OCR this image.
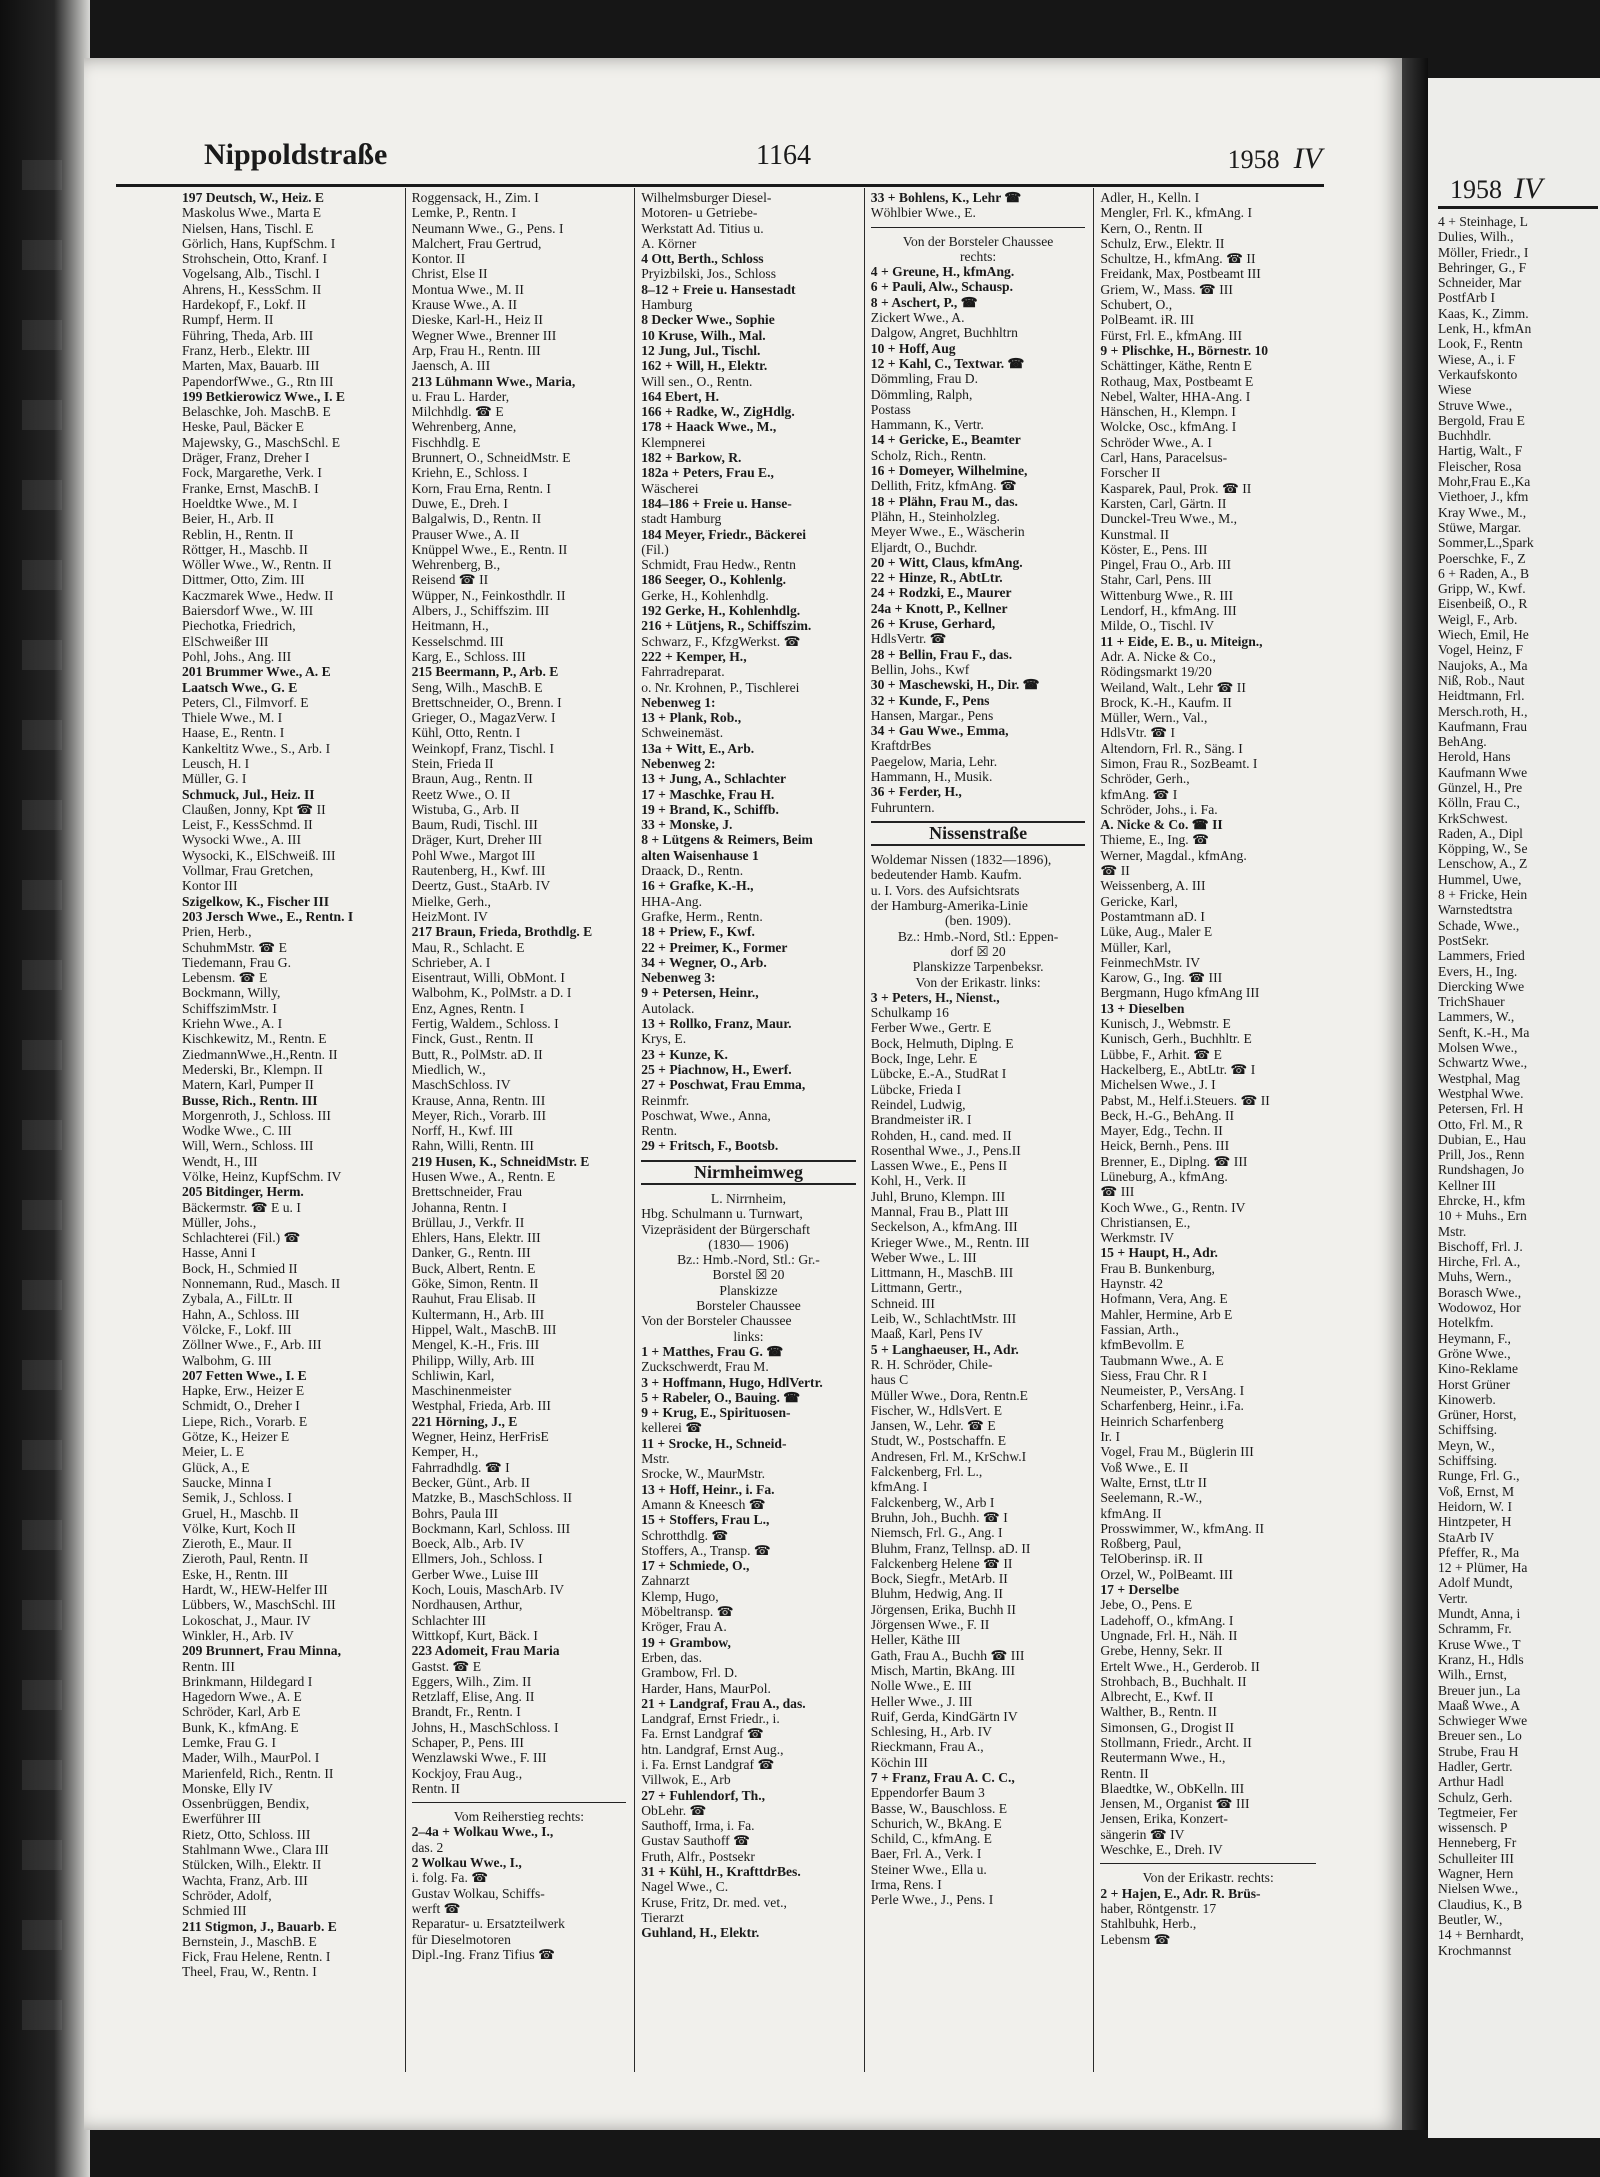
1958 IV
4 + Steinhage, L
Dulies, Wilh.,
Möller, Friedr., I
Behringer, G., F
Schneider, Mar
PostfArb I
Kaas, K., Zimm.
Lenk, H., kfmAn
Look, F., Rentn
Wiese, A., i. F
Verkaufskonto
Wiese
Struve Wwe.,
Bergold, Frau E
Buchhdlr.
Hartig, Walt., F
Fleischer, Rosa
Mohr,Frau E.,Ka
Viethoer, J., kfm
Kray Wwe., M.,
Stüwe, Margar.
Sommer,L.,Spark
Poerschke, F., Z
6 + Raden, A., B
Gripp, W., Kwf.
Eisenbeiß, O., R
Weigl, F., Arb.
Wiech, Emil, He
Vogel, Heinz, F
Naujoks, A., Ma
Niß, Rob., Naut
Heidtmann, Frl.
Mersch.roth, H.,
Kaufmann, Frau
BehAng.
Herold, Hans
Kaufmann Wwe
Günzel, H., Pre
Kölln, Frau C.,
KrkSchwest.
Raden, A., Dipl
Köpping, W., Se
Lenschow, A., Z
Hummel, Uwe,
8 + Fricke, Hein
Warnstedtstra
Schade, Wwe.,
PostSekr.
Lammers, Fried
Evers, H., Ing.
Diercking Wwe
TrichShauer
Lammers, W.,
Senft, K.-H., Ma
Molsen Wwe.,
Schwartz Wwe.,
Westphal, Mag
Westphal Wwe.
Petersen, Frl. H
Otto, Frl. M., R
Dubian, E., Hau
Prill, Jos., Renn
Rundshagen, Jo
Kellner III
Ehrcke, H., kfm
10 + Muhs., Ern
Mstr.
Bischoff, Frl. J.
Hirche, Frl. A.,
Muhs, Wern.,
Borasch Wwe.,
Wodowoz, Hor
Hotelkfm.
Heymann, F.,
Gröne Wwe.,
Kino-Reklame
Horst Grüner
Kinowerb.
Grüner, Horst,
Schiffsing.
Meyn, W.,
Schiffsing.
Runge, Frl. G.,
Voß, Ernst, M
Heidorn, W. I
Hintzpeter, H
StaArb IV
Pfeffer, R., Ma
12 + Plümer, Ha
Adolf Mundt,
Vertr.
Mundt, Anna, i
Schramm, Fr.
Kruse Wwe., T
Kranz, H., Hdls
Wilh., Ernst,
Breuer jun., La
Maaß Wwe., A
Schwieger Wwe
Breuer sen., Lo
Strube, Frau H
Hadler, Gertr.
Arthur Hadl
Schulz, Gerh.
Tegtmeier, Fer
wissensch. P
Henneberg, Fr
Schulleiter III
Wagner, Hern
Nielsen Wwe.,
Claudius, K., B
Beutler, W.,
14 + Bernhardt,
Krochmannst
Nippoldstraße	1164	1958 IV
197 Deutsch, W., Heiz. E
Maskolus Wwe., Marta E
Nielsen, Hans, Tischl. E
Görlich, Hans, KupfSchm. I
Strohschein, Otto, Kranf. I
Vogelsang, Alb., Tischl. I
Ahrens, H., KessSchm. II
Hardekopf, F., Lokf. II
Rumpf, Herm. II
Führing, Theda, Arb. III
Franz, Herb., Elektr. III
Marten, Max, Bauarb. III
PapendorfWwe., G., Rtn III
199 Betkierowicz Wwe., I. E
Belaschke, Joh. MaschB. E
Heske, Paul, Bäcker E
Majewsky, G., MaschSchl. E
Dräger, Franz, Dreher I
Fock, Margarethe, Verk. I
Franke, Ernst, MaschB. I
Hoeldtke Wwe., M. I
Beier, H., Arb. II
Reblin, H., Rentn. II
Röttger, H., Maschb. II
Wöller Wwe., W., Rentn. II
Dittmer, Otto, Zim. III
Kaczmarek Wwe., Hedw. II
Baiersdorf Wwe., W. III
Piechotka, Friedrich,
ElSchweißer III
Pohl, Johs., Ang. III
201 Brummer Wwe., A. E
Laatsch Wwe., G. E
Peters, Cl., Filmvorf. E
Thiele Wwe., M. I
Haase, E., Rentn. I
Kankeltitz Wwe., S., Arb. I
Leusch, H. I
Müller, G. I
Schmuck, Jul., Heiz. II
Claußen, Jonny, Kpt ☎ II
Leist, F., KessSchmd. II
Wysocki Wwe., A. III
Wysocki, K., ElSchweiß. III
Vollmar, Frau Gretchen,
Kontor III
Szigelkow, K., Fischer III
203 Jersch Wwe., E., Rentn. I
Prien, Herb.,
SchuhmMstr. ☎ E
Tiedemann, Frau G.
Lebensm. ☎ E
Bockmann, Willy,
SchiffszimMstr. I
Kriehn Wwe., A. I
Kischkewitz, M., Rentn. E
ZiedmannWwe.,H.,Rentn. II
Mederski, Br., Klempn. II
Matern, Karl, Pumper II
Busse, Rich., Rentn. III
Morgenroth, J., Schloss. III
Wodke Wwe., C. III
Will, Wern., Schloss. III
Wendt, H., III
Völke, Heinz, KupfSchm. IV
205 Bitdinger, Herm.
Bäckermstr. ☎ E u. I
Müller, Johs.,
Schlachterei (Fil.) ☎
Hasse, Anni I
Bock, H., Schmied II
Nonnemann, Rud., Masch. II
Zybala, A., FilLtr. II
Hahn, A., Schloss. III
Völcke, F., Lokf. III
Zöllner Wwe., F., Arb. III
Walbohm, G. III
207 Fetten Wwe., I. E
Hapke, Erw., Heizer E
Schmidt, O., Dreher I
Liepe, Rich., Vorarb. E
Götze, K., Heizer E
Meier, L. E
Glück, A., E
Saucke, Minna I
Semik, J., Schloss. I
Gruel, H., Maschb. II
Völke, Kurt, Koch II
Zieroth, E., Maur. II
Zieroth, Paul, Rentn. II
Eske, H., Rentn. III
Hardt, W., HEW-Helfer III
Lübbers, W., MaschSchl. III
Lokoschat, J., Maur. IV
Winkler, H., Arb. IV
209 Brunnert, Frau Minna,
Rentn. III
Brinkmann, Hildegard I
Hagedorn Wwe., A. E
Schröder, Karl, Arb E
Bunk, K., kfmAng. E
Lemke, Frau G. I
Mader, Wilh., MaurPol. I
Marienfeld, Rich., Rentn. II
Monske, Elly IV
Ossenbrüggen, Bendix,
Ewerführer III
Rietz, Otto, Schloss. III
Stahlmann Wwe., Clara III
Stülcken, Wilh., Elektr. II
Wachta, Franz, Arb. III
Schröder, Adolf,
Schmied III
211 Stigmon, J., Bauarb. E
Bernstein, J., MaschB. E
Fick, Frau Helene, Rentn. I
Theel, Frau, W., Rentn. I
Roggensack, H., Zim. I
Lemke, P., Rentn. I
Neumann Wwe., G., Pens. I
Malchert, Frau Gertrud,
Kontor. II
Christ, Else II
Montua Wwe., M. II
Krause Wwe., A. II
Dieske, Karl-H., Heiz II
Wegner Wwe., Brenner III
Arp, Frau H., Rentn. III
Jaensch, A. III
213 Lühmann Wwe., Maria,
u. Frau L. Harder,
Milchhdlg. ☎ E
Wehrenberg, Anne,
Fischhdlg. E
Brunnert, O., SchneidMstr. E
Kriehn, E., Schloss. I
Korn, Frau Erna, Rentn. I
Duwe, E., Dreh. I
Balgalwis, D., Rentn. II
Prauser Wwe., A. II
Knüppel Wwe., E., Rentn. II
Wehrenberg, B.,
Reisend ☎ II
Wüpper, N., Feinkosthdlr. II
Albers, J., Schiffszim. III
Heitmann, H.,
Kesselschmd. III
Karg, E., Schloss. III
215 Beermann, P., Arb. E
Seng, Wilh., MaschB. E
Brettschneider, O., Brenn. I
Grieger, O., MagazVerw. I
Kühl, Otto, Rentn. I
Weinkopf, Franz, Tischl. I
Stein, Frieda II
Braun, Aug., Rentn. II
Reetz Wwe., O. II
Wistuba, G., Arb. II
Baum, Rudi, Tischl. III
Dräger, Kurt, Dreher III
Pohl Wwe., Margot III
Rautenberg, H., Kwf. III
Deertz, Gust., StaArb. IV
Mielke, Gerh.,
HeizMont. IV
217 Braun, Frieda, Brothdlg. E
Mau, R., Schlacht. E
Schrieber, A. I
Eisentraut, Willi, ObMont. I
Walbohm, K., PolMstr. a D. I
Enz, Agnes, Rentn. I
Fertig, Waldem., Schloss. I
Finck, Gust., Rentn. II
Butt, R., PolMstr. aD. II
Miedlich, W.,
MaschSchloss. IV
Krause, Anna, Rentn. III
Meyer, Rich., Vorarb. III
Norff, H., Kwf. III
Rahn, Willi, Rentn. III
219 Husen, K., SchneidMstr. E
Husen Wwe., A., Rentn. E
Brettschneider, Frau
Johanna, Rentn. I
Brüllau, J., Verkfr. II
Ehlers, Hans, Elektr. III
Danker, G., Rentn. III
Buck, Albert, Rentn. E
Göke, Simon, Rentn. II
Rauhut, Frau Elisab. II
Kultermann, H., Arb. III
Hippel, Walt., MaschB. III
Mengel, K.-H., Fris. III
Philipp, Willy, Arb. III
Schliwin, Karl,
Maschinenmeister
Westphal, Frieda, Arb. III
221 Hörning, J., E
Wegner, Heinz, HerFrisE
Kemper, H.,
Fahrradhdlg. ☎ I
Becker, Günt., Arb. II
Matzke, B., MaschSchloss. II
Bohrs, Paula III
Bockmann, Karl, Schloss. III
Boeck, Alb., Arb. IV
Ellmers, Joh., Schloss. I
Gerber Wwe., Luise III
Koch, Louis, MaschArb. IV
Nordhausen, Arthur,
Schlachter III
Wittkopf, Kurt, Bäck. I
223 Adomeit, Frau Maria
Gastst. ☎ E
Eggers, Wilh., Zim. II
Retzlaff, Elise, Ang. II
Brandt, Fr., Rentn. I
Johns, H., MaschSchloss. I
Schaper, P., Pens. III
Wenzlawski Wwe., F. III
Kockjoy, Frau Aug.,
Rentn. II
Vom Reiherstieg rechts:
2–4a + Wolkau Wwe., I.,
das. 2
2 Wolkau Wwe., I.,
i. folg. Fa. ☎
Gustav Wolkau, Schiffs-
werft ☎
Reparatur- u. Ersatzteilwerk
für Dieselmotoren
Dipl.-Ing. Franz Tifius ☎
Wilhelmsburger Diesel-
Motoren- u Getriebe-
Werkstatt Ad. Titius u.
A. Körner
4 Ott, Berth., Schloss
Pryizbilski, Jos., Schloss
8–12 + Freie u. Hansestadt
Hamburg
8 Decker Wwe., Sophie
10 Kruse, Wilh., Mal.
12 Jung, Jul., Tischl.
162 + Will, H., Elektr.
Will sen., O., Rentn.
164 Ebert, H.
166 + Radke, W., ZigHdlg.
178 + Haack Wwe., M.,
Klempnerei
182 + Barkow, R.
182a + Peters, Frau E.,
Wäscherei
184–186 + Freie u. Hanse-
stadt Hamburg
184 Meyer, Friedr., Bäckerei
(Fil.)
Schmidt, Frau Hedw., Rentn
186 Seeger, O., Kohlenlg.
Gerke, H., Kohlenhdlg.
192 Gerke, H., Kohlenhdlg.
216 + Lütjens, R., Schiffszim.
Schwarz, F., KfzgWerkst. ☎
222 + Kemper, H.,
Fahrradreparat.
o. Nr. Krohnen, P., Tischlerei
Nebenweg 1:
13 + Plank, Rob.,
Schweinemäst.
13a + Witt, E., Arb.
Nebenweg 2:
13 + Jung, A., Schlachter
17 + Maschke, Frau H.
19 + Brand, K., Schiffb.
33 + Monske, J.
8 + Lütgens & Reimers, Beim
alten Waisenhause 1
Draack, D., Rentn.
16 + Grafke, K.-H.,
HHA-Ang.
Grafke, Herm., Rentn.
18 + Priew, F., Kwf.
22 + Preimer, K., Former
34 + Wegner, O., Arb.
Nebenweg 3:
9 + Petersen, Heinr.,
Autolack.
13 + Rollko, Franz, Maur.
Krys, E.
23 + Kunze, K.
25 + Piachnow, H., Ewerf.
27 + Poschwat, Frau Emma,
Reinmfr.
Poschwat, Wwe., Anna,
Rentn.
29 + Fritsch, F., Bootsb.
Nirmheimweg
L. Nirrnheim,
Hbg. Schulmann u. Turnwart,
Vizepräsident der Bürgerschaft
(1830— 1906)
Bz.: Hmb.-Nord, Stl.: Gr.-
Borstel ☒ 20
Planskizze
Borsteler Chaussee
Von der Borsteler Chaussee
links:
1 + Matthes, Frau G. ☎
Zuckschwerdt, Frau M.
3 + Hoffmann, Hugo, HdlVertr.
5 + Rabeler, O., Bauing. ☎
9 + Krug, E., Spirituosen-
kellerei ☎
11 + Srocke, H., Schneid-
Mstr.
Srocke, W., MaurMstr.
13 + Hoff, Heinr., i. Fa.
Amann & Kneesch ☎
15 + Stoffers, Frau L.,
Schrotthdlg. ☎
Stoffers, A., Transp. ☎
17 + Schmiede, O.,
Zahnarzt
Klemp, Hugo,
Möbeltransp. ☎
Kröger, Frau A.
19 + Grambow,
Erben, das.
Grambow, Frl. D.
Harder, Hans, MaurPol.
21 + Landgraf, Frau A., das.
Landgraf, Ernst Friedr., i.
Fa. Ernst Landgraf ☎
htn. Landgraf, Ernst Aug.,
i. Fa. Ernst Landgraf ☎
Villwok, E., Arb
27 + Fuhlendorf, Th.,
ObLehr. ☎
Sauthoff, Irma, i. Fa.
Gustav Sauthoff ☎
Fruth, Alfr., Postsekr
31 + Kühl, H., KrafttdrBes.
Nagel Wwe., C.
Kruse, Fritz, Dr. med. vet.,
Tierarzt
Guhland, H., Elektr.
33 + Bohlens, K., Lehr ☎
Wöhlbier Wwe., E.
Von der Borsteler Chaussee
rechts:
4 + Greune, H., kfmAng.
6 + Pauli, Alw., Schausp.
8 + Aschert, P., ☎
Zickert Wwe., A.
Dalgow, Angret, Buchhltrn
10 + Hoff, Aug
12 + Kahl, C., Textwar. ☎
Dömmling, Frau D.
Dömmling, Ralph,
Postass
Hammann, K., Vertr.
14 + Gericke, E., Beamter
Scholz, Rich., Rentn.
16 + Domeyer, Wilhelmine,
Dellith, Fritz, kfmAng. ☎
18 + Plähn, Frau M., das.
Plähn, H., Steinholzleg.
Meyer Wwe., E., Wäscherin
Eljardt, O., Buchdr.
20 + Witt, Claus, kfmAng.
22 + Hinze, R., AbtLtr.
24 + Rodzki, E., Maurer
24a + Knott, P., Kellner
26 + Kruse, Gerhard,
HdlsVertr. ☎
28 + Bellin, Frau F., das.
Bellin, Johs., Kwf
30 + Maschewski, H., Dir. ☎
32 + Kunde, F., Pens
Hansen, Margar., Pens
34 + Gau Wwe., Emma,
KraftdrBes
Paegelow, Maria, Lehr.
Hammann, H., Musik.
36 + Ferder, H.,
Fuhruntern.
Nissenstraße
Woldemar Nissen (1832—1896),
bedeutender Hamb. Kaufm.
u. I. Vors. des Aufsichtsrats
der Hamburg-Amerika-Linie
(ben. 1909).
Bz.: Hmb.-Nord, Stl.: Eppen-
dorf ☒ 20
Planskizze Tarpenbeksr.
Von der Erikastr. links:
3 + Peters, H., Nienst.,
Schulkamp 16
Ferber Wwe., Gertr. E
Bock, Helmuth, Diplng. E
Bock, Inge, Lehr. E
Lübcke, E.-A., StudRat I
Lübcke, Frieda I
Reindel, Ludwig,
Brandmeister iR. I
Rohden, H., cand. med. II
Rosenthal Wwe., J., Pens.II
Lassen Wwe., E., Pens II
Kohl, H., Verk. II
Juhl, Bruno, Klempn. III
Mannal, Frau B., Platt III
Seckelson, A., kfmAng. III
Krieger Wwe., M., Rentn. III
Weber Wwe., L. III
Littmann, H., MaschB. III
Littmann, Gertr.,
Schneid. III
Leib, W., SchlachtMstr. III
Maaß, Karl, Pens IV
5 + Langhaeuser, H., Adr.
R. H. Schröder, Chile-
haus C
Müller Wwe., Dora, Rentn.E
Fischer, W., HdlsVert. E
Jansen, W., Lehr. ☎ E
Studt, W., Postschaffn. E
Andresen, Frl. M., KrSchw.I
Falckenberg, Frl. L.,
kfmAng. I
Falckenberg, W., Arb I
Bruhn, Joh., Buchh. ☎ I
Niemsch, Frl. G., Ang. I
Bluhm, Franz, Tellnsp. aD. II
Falckenberg Helene ☎ II
Bock, Siegfr., MetArb. II
Bluhm, Hedwig, Ang. II
Jörgensen, Erika, Buchh II
Jörgensen Wwe., F. II
Heller, Käthe III
Gath, Frau A., Buchh ☎ III
Misch, Martin, BkAng. III
Nolle Wwe., E. III
Heller Wwe., J. III
Ruif, Gerda, KindGärtn IV
Schlesing, H., Arb. IV
Rieckmann, Frau A.,
Köchin III
7 + Franz, Frau A. C. C.,
Eppendorfer Baum 3
Basse, W., Bauschloss. E
Schurich, W., BkAng. E
Schild, C., kfmAng. E
Baer, Frl. A., Verk. I
Steiner Wwe., Ella u.
Irma, Rens. I
Perle Wwe., J., Pens. I
Adler, H., Kelln. I
Mengler, Frl. K., kfmAng. I
Kern, O., Rentn. II
Schulz, Erw., Elektr. II
Schultze, H., kfmAng. ☎ II
Freidank, Max, Postbeamt III
Griem, W., Mass. ☎ III
Schubert, O.,
PolBeamt. iR. III
Fürst, Frl. E., kfmAng. III
9 + Plischke, H., Börnestr. 10
Schättinger, Käthe, Rentn E
Rothaug, Max, Postbeamt E
Nebel, Walter, HHA-Ang. I
Hänschen, H., Klempn. I
Wolcke, Osc., kfmAng. I
Schröder Wwe., A. I
Carl, Hans, Paracelsus-
Forscher II
Kasparek, Paul, Prok. ☎ II
Karsten, Carl, Gärtn. II
Dunckel-Treu Wwe., M.,
Kunstmal. II
Köster, E., Pens. III
Pingel, Frau O., Arb. III
Stahr, Carl, Pens. III
Wittenburg Wwe., R. III
Lendorf, H., kfmAng. III
Milde, O., Tischl. IV
11 + Eide, E. B., u. Miteign.,
Adr. A. Nicke & Co.,
Rödingsmarkt 19/20
Weiland, Walt., Lehr ☎ II
Brock, K.-H., Kaufm. II
Müller, Wern., Val.,
HdlsVtr. ☎ I
Altendorn, Frl. R., Säng. I
Simon, Frau R., SozBeamt. I
Schröder, Gerh.,
kfmAng. ☎ I
Schröder, Johs., i. Fa.
A. Nicke & Co. ☎ II
Thieme, E., Ing. ☎
Werner, Magdal., kfmAng.
☎ II
Weissenberg, A. III
Gericke, Karl,
Postamtmann aD. I
Lüke, Aug., Maler E
Müller, Karl,
FeinmechMstr. IV
Karow, G., Ing. ☎ III
Bergmann, Hugo kfmAng III
13 + Dieselben
Kunisch, J., Webmstr. E
Kunisch, Gerh., Buchhltr. E
Lübbe, F., Arhit. ☎ E
Hackelberg, E., AbtLtr. ☎ I
Michelsen Wwe., J. I
Pabst, M., Helf.i.Steuers. ☎ II
Beck, H.-G., BehAng. II
Mayer, Edg., Techn. II
Heick, Bernh., Pens. III
Brenner, E., Diplng. ☎ III
Lüneburg, A., kfmAng.
☎ III
Koch Wwe., G., Rentn. IV
Christiansen, E.,
Werkmstr. IV
15 + Haupt, H., Adr.
Frau B. Bunkenburg,
Haynstr. 42
Hofmann, Vera, Ang. E
Mahler, Hermine, Arb E
Fassian, Arth.,
kfmBevollm. E
Taubmann Wwe., A. E
Siess, Frau Chr. R I
Neumeister, P., VersAng. I
Scharfenberg, Heinr., i.Fa.
Heinrich Scharfenberg
Ir. I
Vogel, Frau M., Büglerin III
Voß Wwe., E. II
Walte, Ernst, tLtr II
Seelemann, R.-W.,
kfmAng. II
Prosswimmer, W., kfmAng. II
Roßberg, Paul,
TelOberinsp. iR. II
Orzel, W., PolBeamt. III
17 + Derselbe
Jebe, O., Pens. E
Ladehoff, O., kfmAng. I
Ungnade, Frl. H., Näh. II
Grebe, Henny, Sekr. II
Ertelt Wwe., H., Gerderob. II
Strohbach, B., Buchhalt. II
Albrecht, E., Kwf. II
Walther, B., Rentn. II
Simonsen, G., Drogist II
Stollmann, Friedr., Archt. II
Reutermann Wwe., H.,
Rentn. II
Blaedtke, W., ObKelln. III
Jensen, M., Organist ☎ III
Jensen, Erika, Konzert-
sängerin ☎ IV
Weschke, E., Dreh. IV
Von der Erikastr. rechts:
2 + Hajen, E., Adr. R. Brüs-
haber, Röntgenstr. 17
Stahlbuhk, Herb.,
Lebensm ☎
